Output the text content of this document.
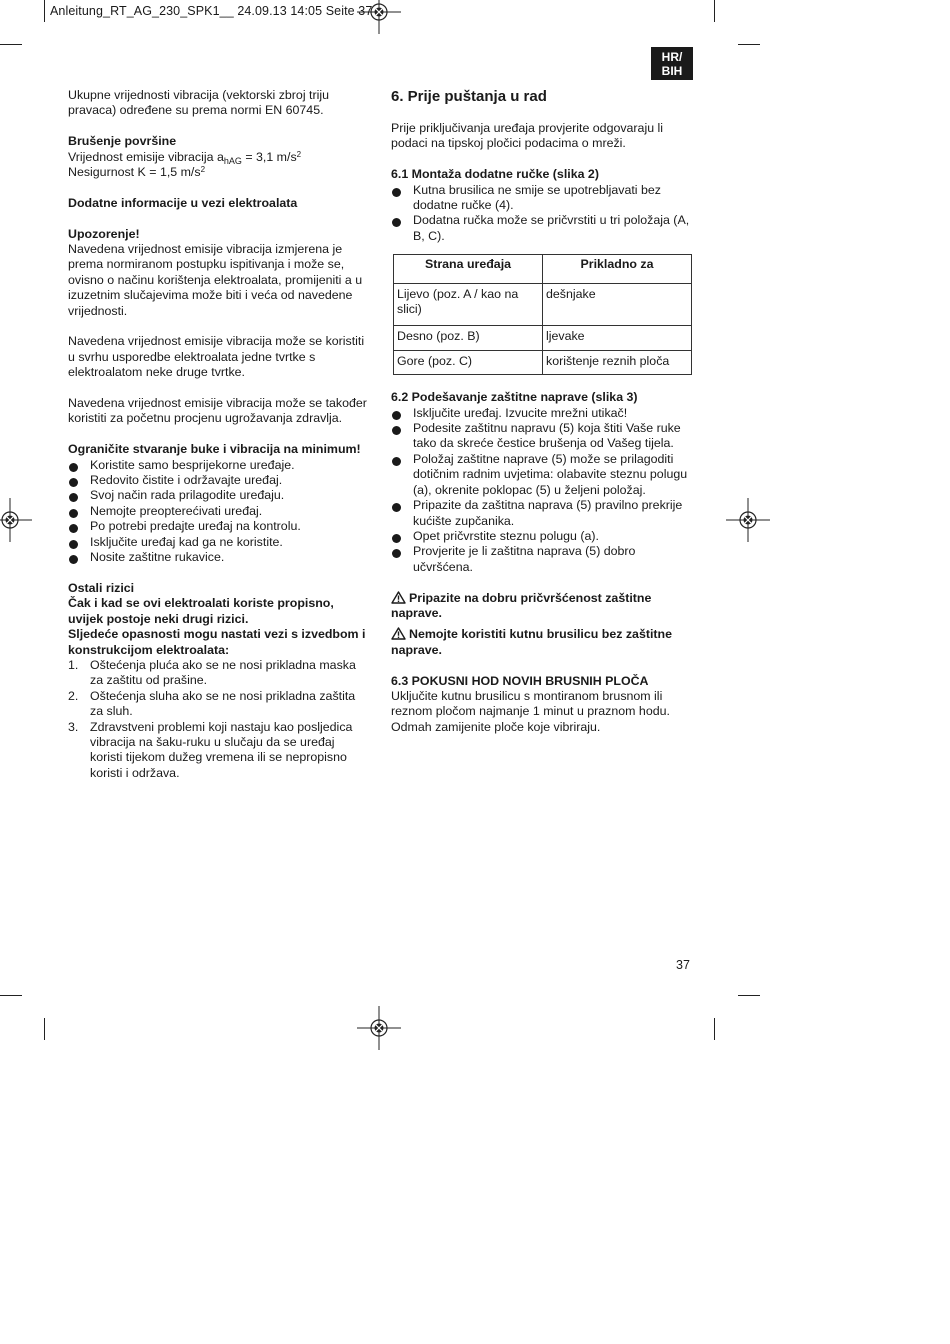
Anleitung_RT_AG_230_SPK1__ 24.09.13 14:05 Seite 37
HR/
BIH

Ukupne vrijednosti vibracija (vektorski zbroj triju pravaca) određene su prema normi EN 60745.

Brušenje površine

Vrijednost emisije vibracija $a_{hAG} = 3,1$ $m/s^2$

Nesigurnost K = 1,5 $m/s^2$

Dodatne informacije u vezi elektroalata

Upozorenje!

Navedena vrijednost emisije vibracija izmjerena je prema normiranom postupku ispitivanja i može se, ovisno o načinu korištenja elektroalata, promijeniti a u izuzetnim slučajevima može biti i veća od navedene vrijednosti.

Navedena vrijednost emisije vibracija može se koristiti u svrhu usporedbe elektroalata jedne tvrtke s elektroalatom neke druge tvrtke.

Navedena vrijednost emisije vibracija može se također koristiti za početnu procjenu ugrožavanja zdravlja.

Ograničite stvaranje buke i vibracija na minimum!

Koristite samo besprijekorne uređaje.
Redovito čistite i održavajte uređaj.
Svoj način rada prilagodite uređaju.
Nemojte preopterećivati uređaj.
Po potrebi predajte uređaj na kontrolu.
Isključite uređaj kad ga ne koristite.
Nosite zaštitne rukavice.

Ostali rizici

Čak i kad se ovi elektroalati koriste propisno, uvijek postoje neki drugi rizici.

Sljedeće opasnosti mogu nastati vezi s izvedbom i konstrukcijom elektroalata:

1. Oštećenja pluća ako se ne nosi prikladna maska za zaštitu od prašine.
2. Oštećenja sluha ako se ne nosi prikladna zaštita za sluh.
3. Zdravstveni problemi koji nastaju kao posljedica vibracija na šaku-ruku u slučaju da se uređaj koristi tijekom dužeg vremena ili se nepropisno koristi i održava.

6. Prije puštanja u rad

Prije priključivanja uređaja provjerite odgovaraju li podaci na tipskoj pločici podacima o mreži.

6.1 Montaža dodatne ručke (slika 2)

Kutna brusilica ne smije se upotrebljavati bez dodatne ručke (4).
Dodatna ručka može se pričvrstiti u tri položaja (A, B, C).
Strana uređaja	Prikladno za
Lijevo (poz. A / kao na slici)	dešnjake
Desno (poz. B)	ljevake
Gore (poz. C)	korištenje reznih ploča

6.2 Podešavanje zaštitne naprave (slika 3)

Isključite uređaj. Izvucite mrežni utikač!
Podesite zaštitnu napravu (5) koja štiti Vaše ruke tako da skreće čestice brušenja od Vašeg tijela.
Položaj zaštitne naprave (5) može se prilagoditi dotičnim radnim uvjetima: olabavite steznu polugu (a), okrenite poklopac (5) u željeni položaj.
Pripazite da zaštitna naprava (5) pravilno prekrije kućište zupčanika.
Opet pričvrstite steznu polugu (a).
Provjerite je li zaštitna naprava (5) dobro učvršćena.

Pripazite na dobru pričvršćenost zaštitne naprave.

Nemojte koristiti kutnu brusilicu bez zaštitne naprave.

6.3 POKUSNI HOD NOVIH BRUSNIH PLOČA

Uključite kutnu brusilicu s montiranom brusnom ili reznom pločom najmanje 1 minut u praznom hodu. Odmah zamijenite ploče koje vibriraju.

37
